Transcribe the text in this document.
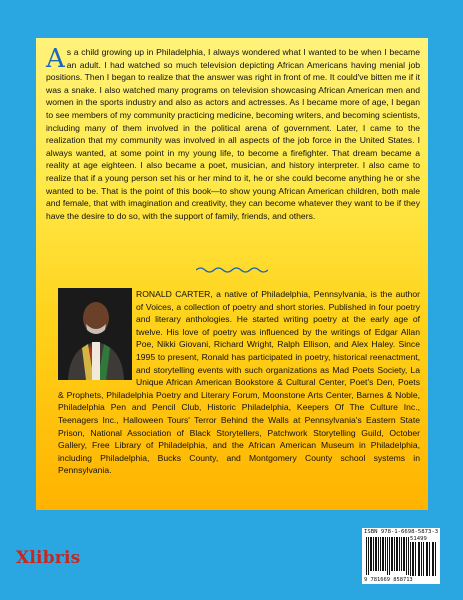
A s a child growing up in Philadelphia, I always wondered what I wanted to be when I became an adult. I had watched so much television depicting African Americans having menial job positions. Then I began to realize that the answer was right in front of me. It could've bitten me if it was a snake. I also watched many programs on television showcasing African American men and women in the sports industry and also as actors and actresses. As I became more of age, I began to see members of my community practicing medicine, becoming writers, and becoming scientists, including many of them involved in the political arena of government. Later, I came to the realization that my community was involved in all aspects of the job force in the United States. I always wanted, at some point in my young life, to become a firefighter. That dream became a reality at age eighteen. I also became a poet, musician, and history interpreter. I also came to realize that if a young person set his or her mind to it, he or she could become anything he or she wanted to be. That is the point of this book—to show young African American children, both male and female, that with imagination and creativity, they can become whatever they want to be if they have the desire to do so, with the support of family, friends, and others.
RONALD CARTER, a native of Philadelphia, Pennsylvania, is the author of Voices, a collection of poetry and short stories. Published in four poetry and literary anthologies. He started writing poetry at the early age of twelve. His love of poetry was influenced by the writings of Edgar Allan Poe, Nikki Giovani, Richard Wright, Ralph Ellison, and Alex Haley. Since 1995 to present, Ronald has participated in poetry, historical reenactment, and storytelling events with such organizations as Mad Poets Society, La Unique African American Bookstore & Cultural Center, Poet's Den, Poets & Prophets, Philadelphia Poetry and Literary Forum, Moonstone Arts Center, Barnes & Noble, Philadelphia Pen and Pencil Club, Historic Philadelphia, Keepers Of The Culture Inc., Teenagers Inc., Halloween Tours' Terror Behind the Walls at Pennsylvania's Eastern State Prison, National Association of Black Storytellers, Patchwork Storytelling Guild, October Gallery, Free Library of Philadelphia, and the African American Museum in Philadelphia, including Philadelphia, Bucks County, and Montgomery County school systems in Pennsylvania.
ISBN 978-1-6698-5873-3
51499
9 781669 858713
Xlibris
